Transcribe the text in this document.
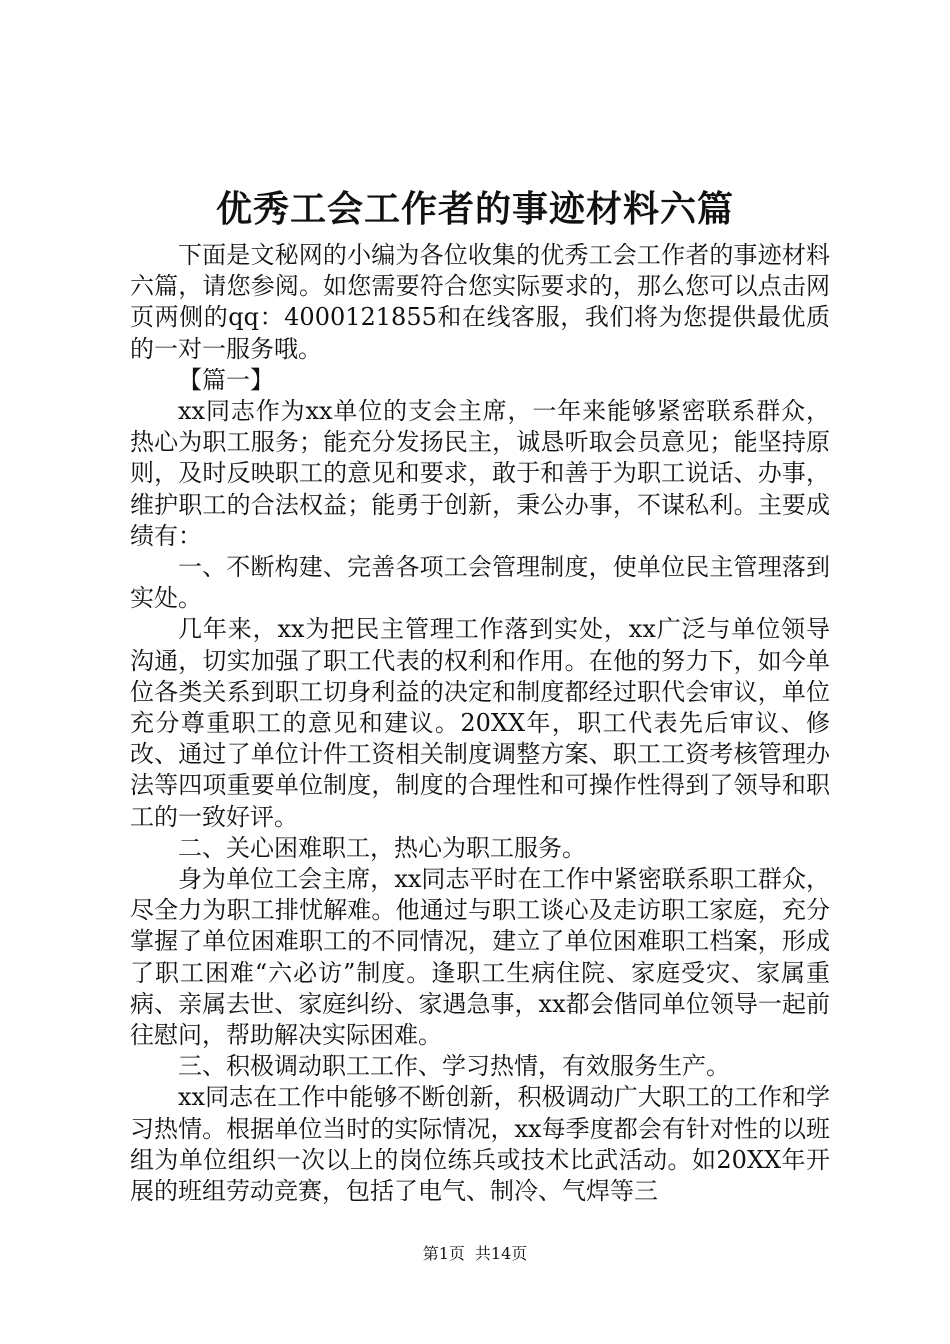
优秀工会工作者的事迹材料六篇

下面是文秘网的小编为各位收集的优秀工会工作者的事迹材料六篇，请您参阅。如您需要符合您实际要求的，那么您可以点击网页两侧的qq：4000121855和在线客服，我们将为您提供最优质的一对一服务哦。

【篇一】

xx同志作为xx单位的支会主席，一年来能够紧密联系群众，热心为职工服务；能充分发扬民主，诚恳听取会员意见；能坚持原则，及时反映职工的意见和要求，敢于和善于为职工说话、办事，维护职工的合法权益；能勇于创新，秉公办事，不谋私利。主要成绩有：

一、不断构建、完善各项工会管理制度，使单位民主管理落到实处。

几年来，xx为把民主管理工作落到实处，xx广泛与单位领导沟通，切实加强了职工代表的权利和作用。在他的努力下，如今单位各类关系到职工切身利益的决定和制度都经过职代会审议，单位充分尊重职工的意见和建议。20XX年，职工代表先后审议、修改、通过了单位计件工资相关制度调整方案、职工工资考核管理办法等四项重要单位制度，制度的合理性和可操作性得到了领导和职工的一致好评。

二、关心困难职工，热心为职工服务。

身为单位工会主席，xx同志平时在工作中紧密联系职工群众，尽全力为职工排忧解难。他通过与职工谈心及走访职工家庭，充分掌握了单位困难职工的不同情况，建立了单位困难职工档案，形成了职工困难“六必访”制度。逢职工生病住院、家庭受灾、家属重病、亲属去世、家庭纠纷、家遇急事，xx都会偕同单位领导一起前往慰问，帮助解决实际困难。

三、积极调动职工工作、学习热情，有效服务生产。

xx同志在工作中能够不断创新，积极调动广大职工的工作和学习热情。根据单位当时的实际情况，xx每季度都会有针对性的以班组为单位组织一次以上的岗位练兵或技术比武活动。如20XX年开展的班组劳动竞赛，包括了电气、制冷、气焊等三

第1页 共14页
